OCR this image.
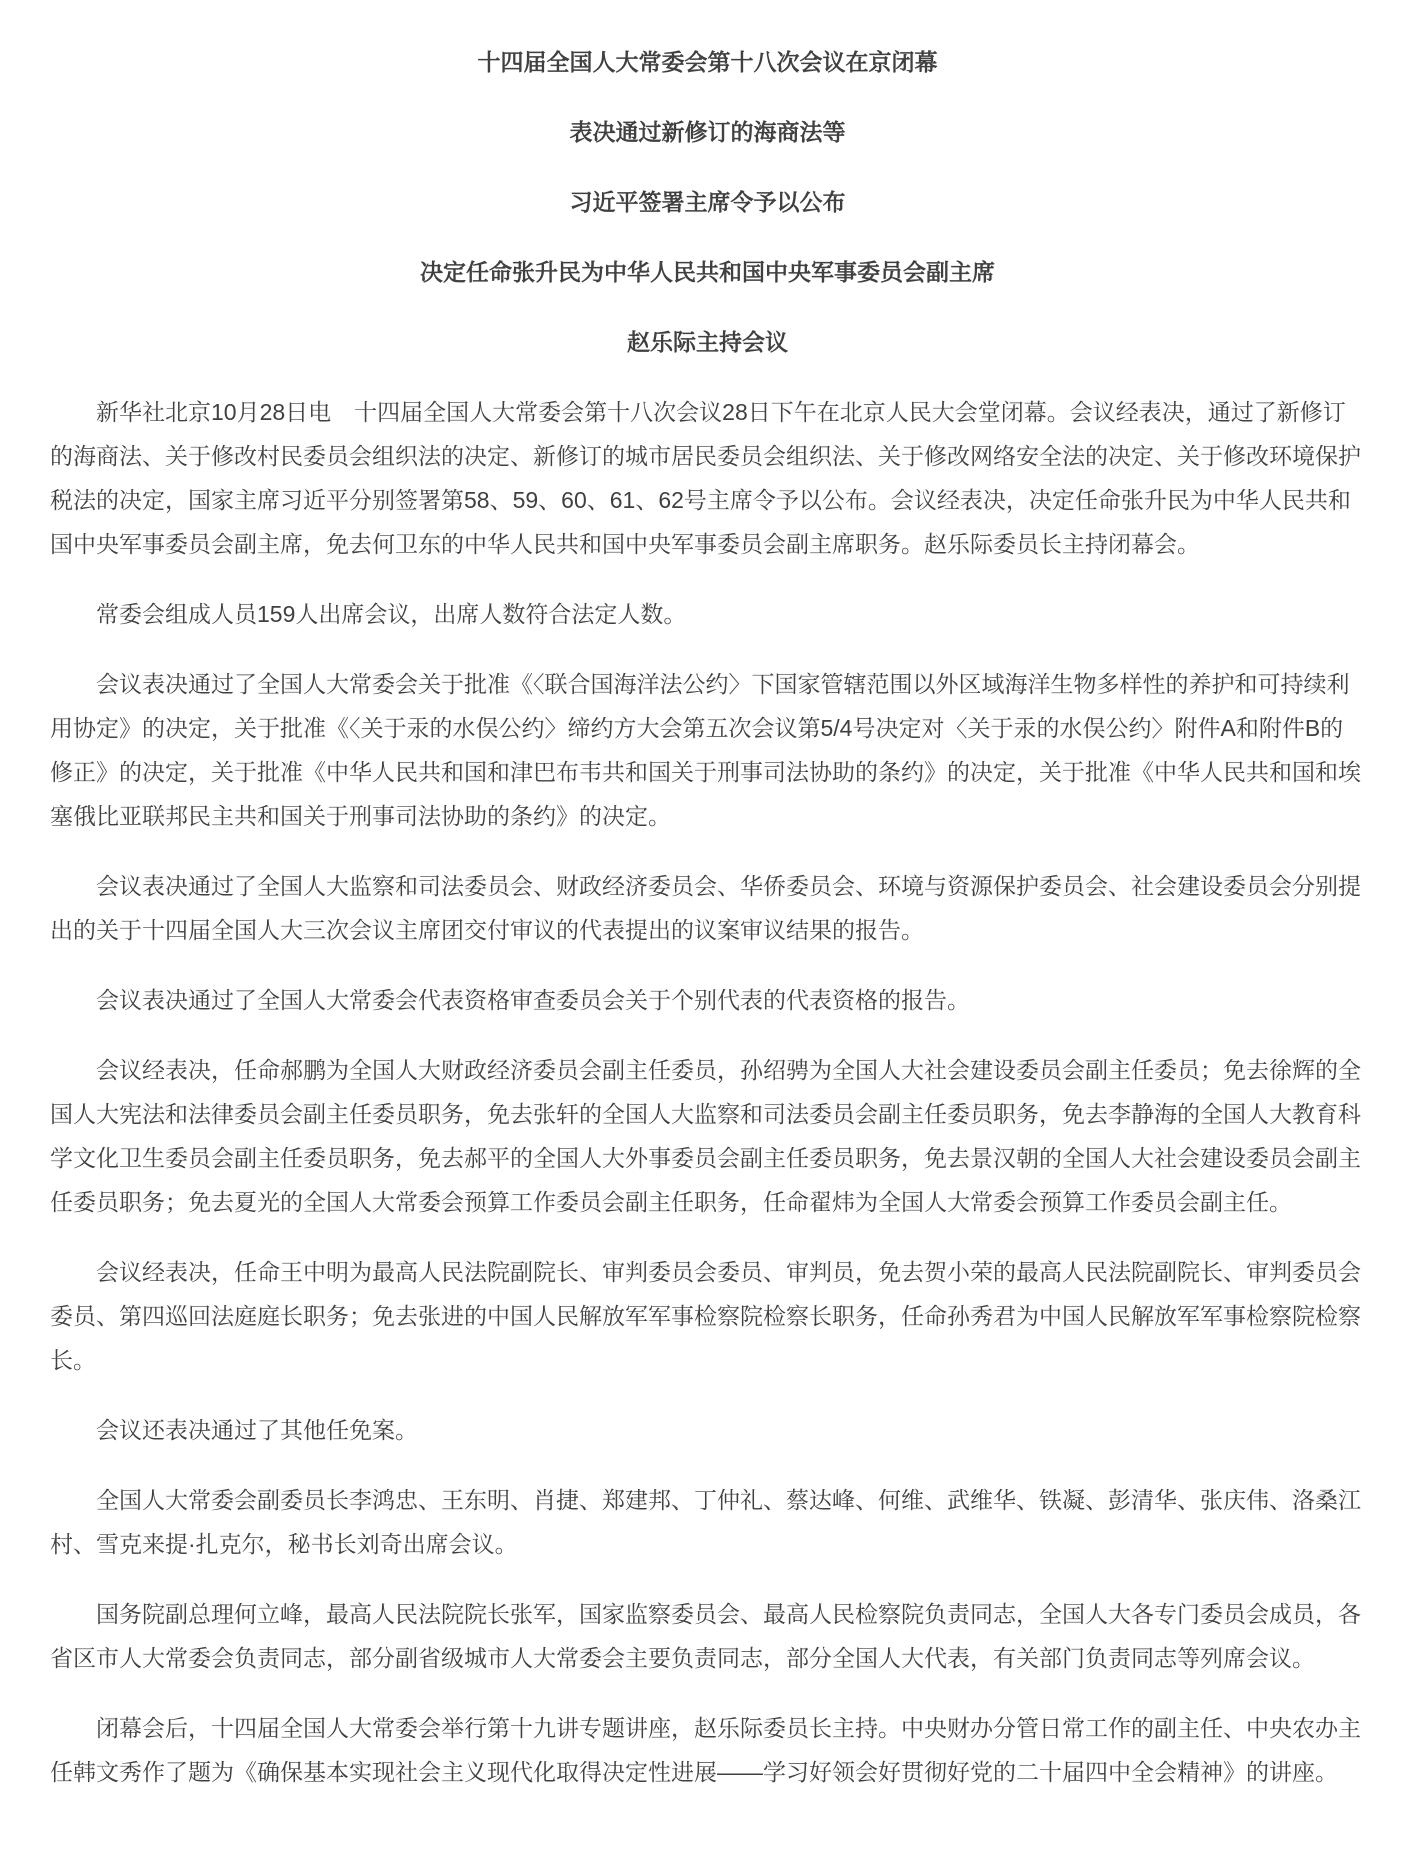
十四届全国人大常委会第十八次会议在京闭幕
表决通过新修订的海商法等
习近平签署主席令予以公布
决定任命张升民为中华人民共和国中央军事委员会副主席
赵乐际主持会议

新华社北京10月28日电　十四届全国人大常委会第十八次会议28日下午在北京人民大会堂闭幕。会议经表决，通过了新修订的海商法、关于修改村民委员会组织法的决定、新修订的城市居民委员会组织法、关于修改网络安全法的决定、关于修改环境保护税法的决定，国家主席习近平分别签署第58、59、60、61、62号主席令予以公布。会议经表决，决定任命张升民为中华人民共和国中央军事委员会副主席，免去何卫东的中华人民共和国中央军事委员会副主席职务。赵乐际委员长主持闭幕会。

常委会组成人员159人出席会议，出席人数符合法定人数。

会议表决通过了全国人大常委会关于批准《〈联合国海洋法公约〉下国家管辖范围以外区域海洋生物多样性的养护和可持续利用协定》的决定，关于批准《〈关于汞的水俣公约〉缔约方大会第五次会议第5/4号决定对〈关于汞的水俣公约〉附件A和附件B的修正》的决定，关于批准《中华人民共和国和津巴布韦共和国关于刑事司法协助的条约》的决定，关于批准《中华人民共和国和埃塞俄比亚联邦民主共和国关于刑事司法协助的条约》的决定。

会议表决通过了全国人大监察和司法委员会、财政经济委员会、华侨委员会、环境与资源保护委员会、社会建设委员会分别提出的关于十四届全国人大三次会议主席团交付审议的代表提出的议案审议结果的报告。

会议表决通过了全国人大常委会代表资格审查委员会关于个别代表的代表资格的报告。

会议经表决，任命郝鹏为全国人大财政经济委员会副主任委员，孙绍骋为全国人大社会建设委员会副主任委员；免去徐辉的全国人大宪法和法律委员会副主任委员职务，免去张轩的全国人大监察和司法委员会副主任委员职务，免去李静海的全国人大教育科学文化卫生委员会副主任委员职务，免去郝平的全国人大外事委员会副主任委员职务，免去景汉朝的全国人大社会建设委员会副主任委员职务；免去夏光的全国人大常委会预算工作委员会副主任职务，任命翟炜为全国人大常委会预算工作委员会副主任。

会议经表决，任命王中明为最高人民法院副院长、审判委员会委员、审判员，免去贺小荣的最高人民法院副院长、审判委员会委员、第四巡回法庭庭长职务；免去张进的中国人民解放军军事检察院检察长职务，任命孙秀君为中国人民解放军军事检察院检察长。

会议还表决通过了其他任免案。

全国人大常委会副委员长李鸿忠、王东明、肖捷、郑建邦、丁仲礼、蔡达峰、何维、武维华、铁凝、彭清华、张庆伟、洛桑江村、雪克来提·扎克尔，秘书长刘奇出席会议。

国务院副总理何立峰，最高人民法院院长张军，国家监察委员会、最高人民检察院负责同志，全国人大各专门委员会成员，各省区市人大常委会负责同志，部分副省级城市人大常委会主要负责同志，部分全国人大代表，有关部门负责同志等列席会议。

闭幕会后，十四届全国人大常委会举行第十九讲专题讲座，赵乐际委员长主持。中央财办分管日常工作的副主任、中央农办主任韩文秀作了题为《确保基本实现社会主义现代化取得决定性进展——学习好领会好贯彻好党的二十届四中全会精神》的讲座。
